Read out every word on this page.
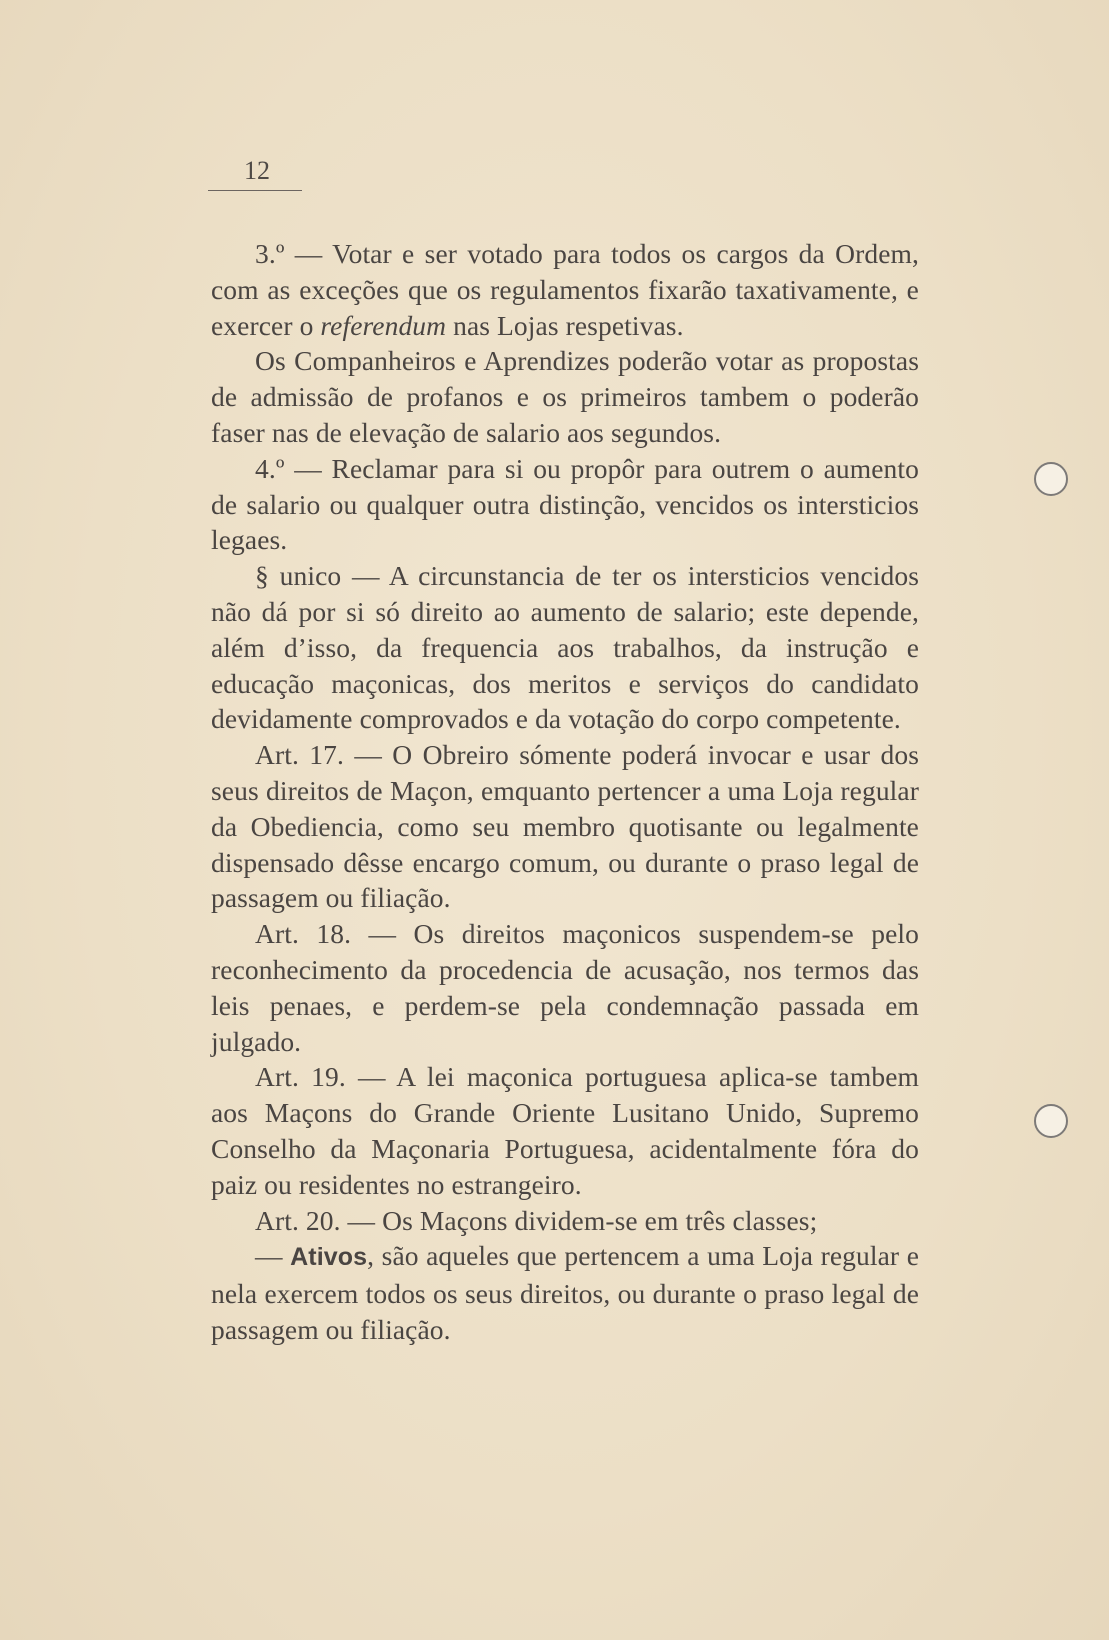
12

3.º — Votar e ser votado para todos os cargos da Ordem, com as exceções que os regulamentos fixarão taxativamente, e exercer o referendum nas Lojas respetivas.

Os Companheiros e Aprendizes poderão votar as propostas de admissão de profanos e os primeiros tambem o poderão faser nas de elevação de salario aos segundos.

4.º — Reclamar para si ou propôr para outrem o aumento de salario ou qualquer outra distinção, vencidos os intersticios legaes.

§ unico — A circunstancia de ter os intersticios vencidos não dá por si só direito ao aumento de salario; este depende, além d’isso, da frequencia aos trabalhos, da instrução e educação maçonicas, dos meritos e serviços do candidato devidamente comprovados e da votação do corpo competente.

Art. 17. — O Obreiro sómente poderá invocar e usar dos seus direitos de Maçon, emquanto pertencer a uma Loja regular da Obediencia, como seu membro quotisante ou legalmente dispensado dêsse encargo comum, ou durante o praso legal de passagem ou filiação.

Art. 18. — Os direitos maçonicos suspendem-se pelo reconhecimento da procedencia de acusação, nos termos das leis penaes, e perdem-se pela condemnação passada em julgado.

Art. 19. — A lei maçonica portuguesa aplica-se tambem aos Maçons do Grande Oriente Lusitano Unido, Supremo Conselho da Maçonaria Portuguesa, acidentalmente fóra do paiz ou residentes no estrangeiro.

Art. 20. — Os Maçons dividem-se em três classes;

— Ativos, são aqueles que pertencem a uma Loja regular e nela exercem todos os seus direitos, ou durante o praso legal de passagem ou filiação.
